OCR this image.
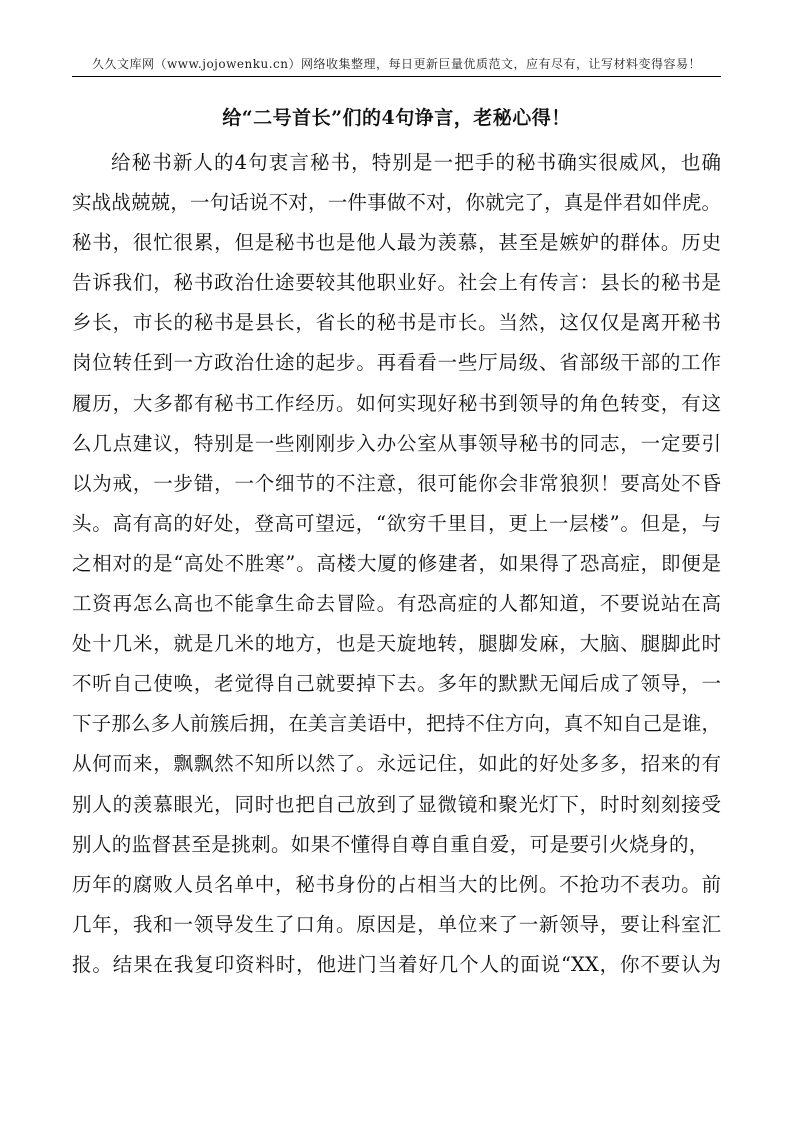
久久文库网（www.jojowenku.cn）网络收集整理，每日更新巨量优质范文，应有尽有，让写材料变得容易！
给“二号首长”们的4句诤言，老秘心得！
给秘书新人的4句衷言秘书，特别是一把手的秘书确实很威风，也确
实战战兢兢，一句话说不对，一件事做不对，你就完了，真是伴君如伴虎。
秘书，很忙很累，但是秘书也是他人最为羡慕，甚至是嫉妒的群体。历史
告诉我们，秘书政治仕途要较其他职业好。社会上有传言：县长的秘书是
乡长，市长的秘书是县长，省长的秘书是市长。当然，这仅仅是离开秘书
岗位转任到一方政治仕途的起步。再看看一些厅局级、省部级干部的工作
履历，大多都有秘书工作经历。如何实现好秘书到领导的角色转变，有这
么几点建议，特别是一些刚刚步入办公室从事领导秘书的同志，一定要引
以为戒，一步错，一个细节的不注意，很可能你会非常狼狈！要高处不昏
头。高有高的好处，登高可望远，“欲穷千里目，更上一层楼”。但是，与
之相对的是“高处不胜寒”。高楼大厦的修建者，如果得了恐高症，即便是
工资再怎么高也不能拿生命去冒险。有恐高症的人都知道，不要说站在高
处十几米，就是几米的地方，也是天旋地转，腿脚发麻，大脑、腿脚此时
不听自己使唤，老觉得自己就要掉下去。多年的默默无闻后成了领导，一
下子那么多人前簇后拥，在美言美语中，把持不住方向，真不知自己是谁，
从何而来，飘飘然不知所以然了。永远记住，如此的好处多多，招来的有
别人的羡慕眼光，同时也把自己放到了显微镜和聚光灯下，时时刻刻接受
别人的监督甚至是挑刺。如果不懂得自尊自重自爱，可是要引火烧身的，
历年的腐败人员名单中，秘书身份的占相当大的比例。不抢功不表功。前
几年，我和一领导发生了口角。原因是，单位来了一新领导，要让科室汇
报。结果在我复印资料时，他进门当着好几个人的面说“XX，你不要认为
